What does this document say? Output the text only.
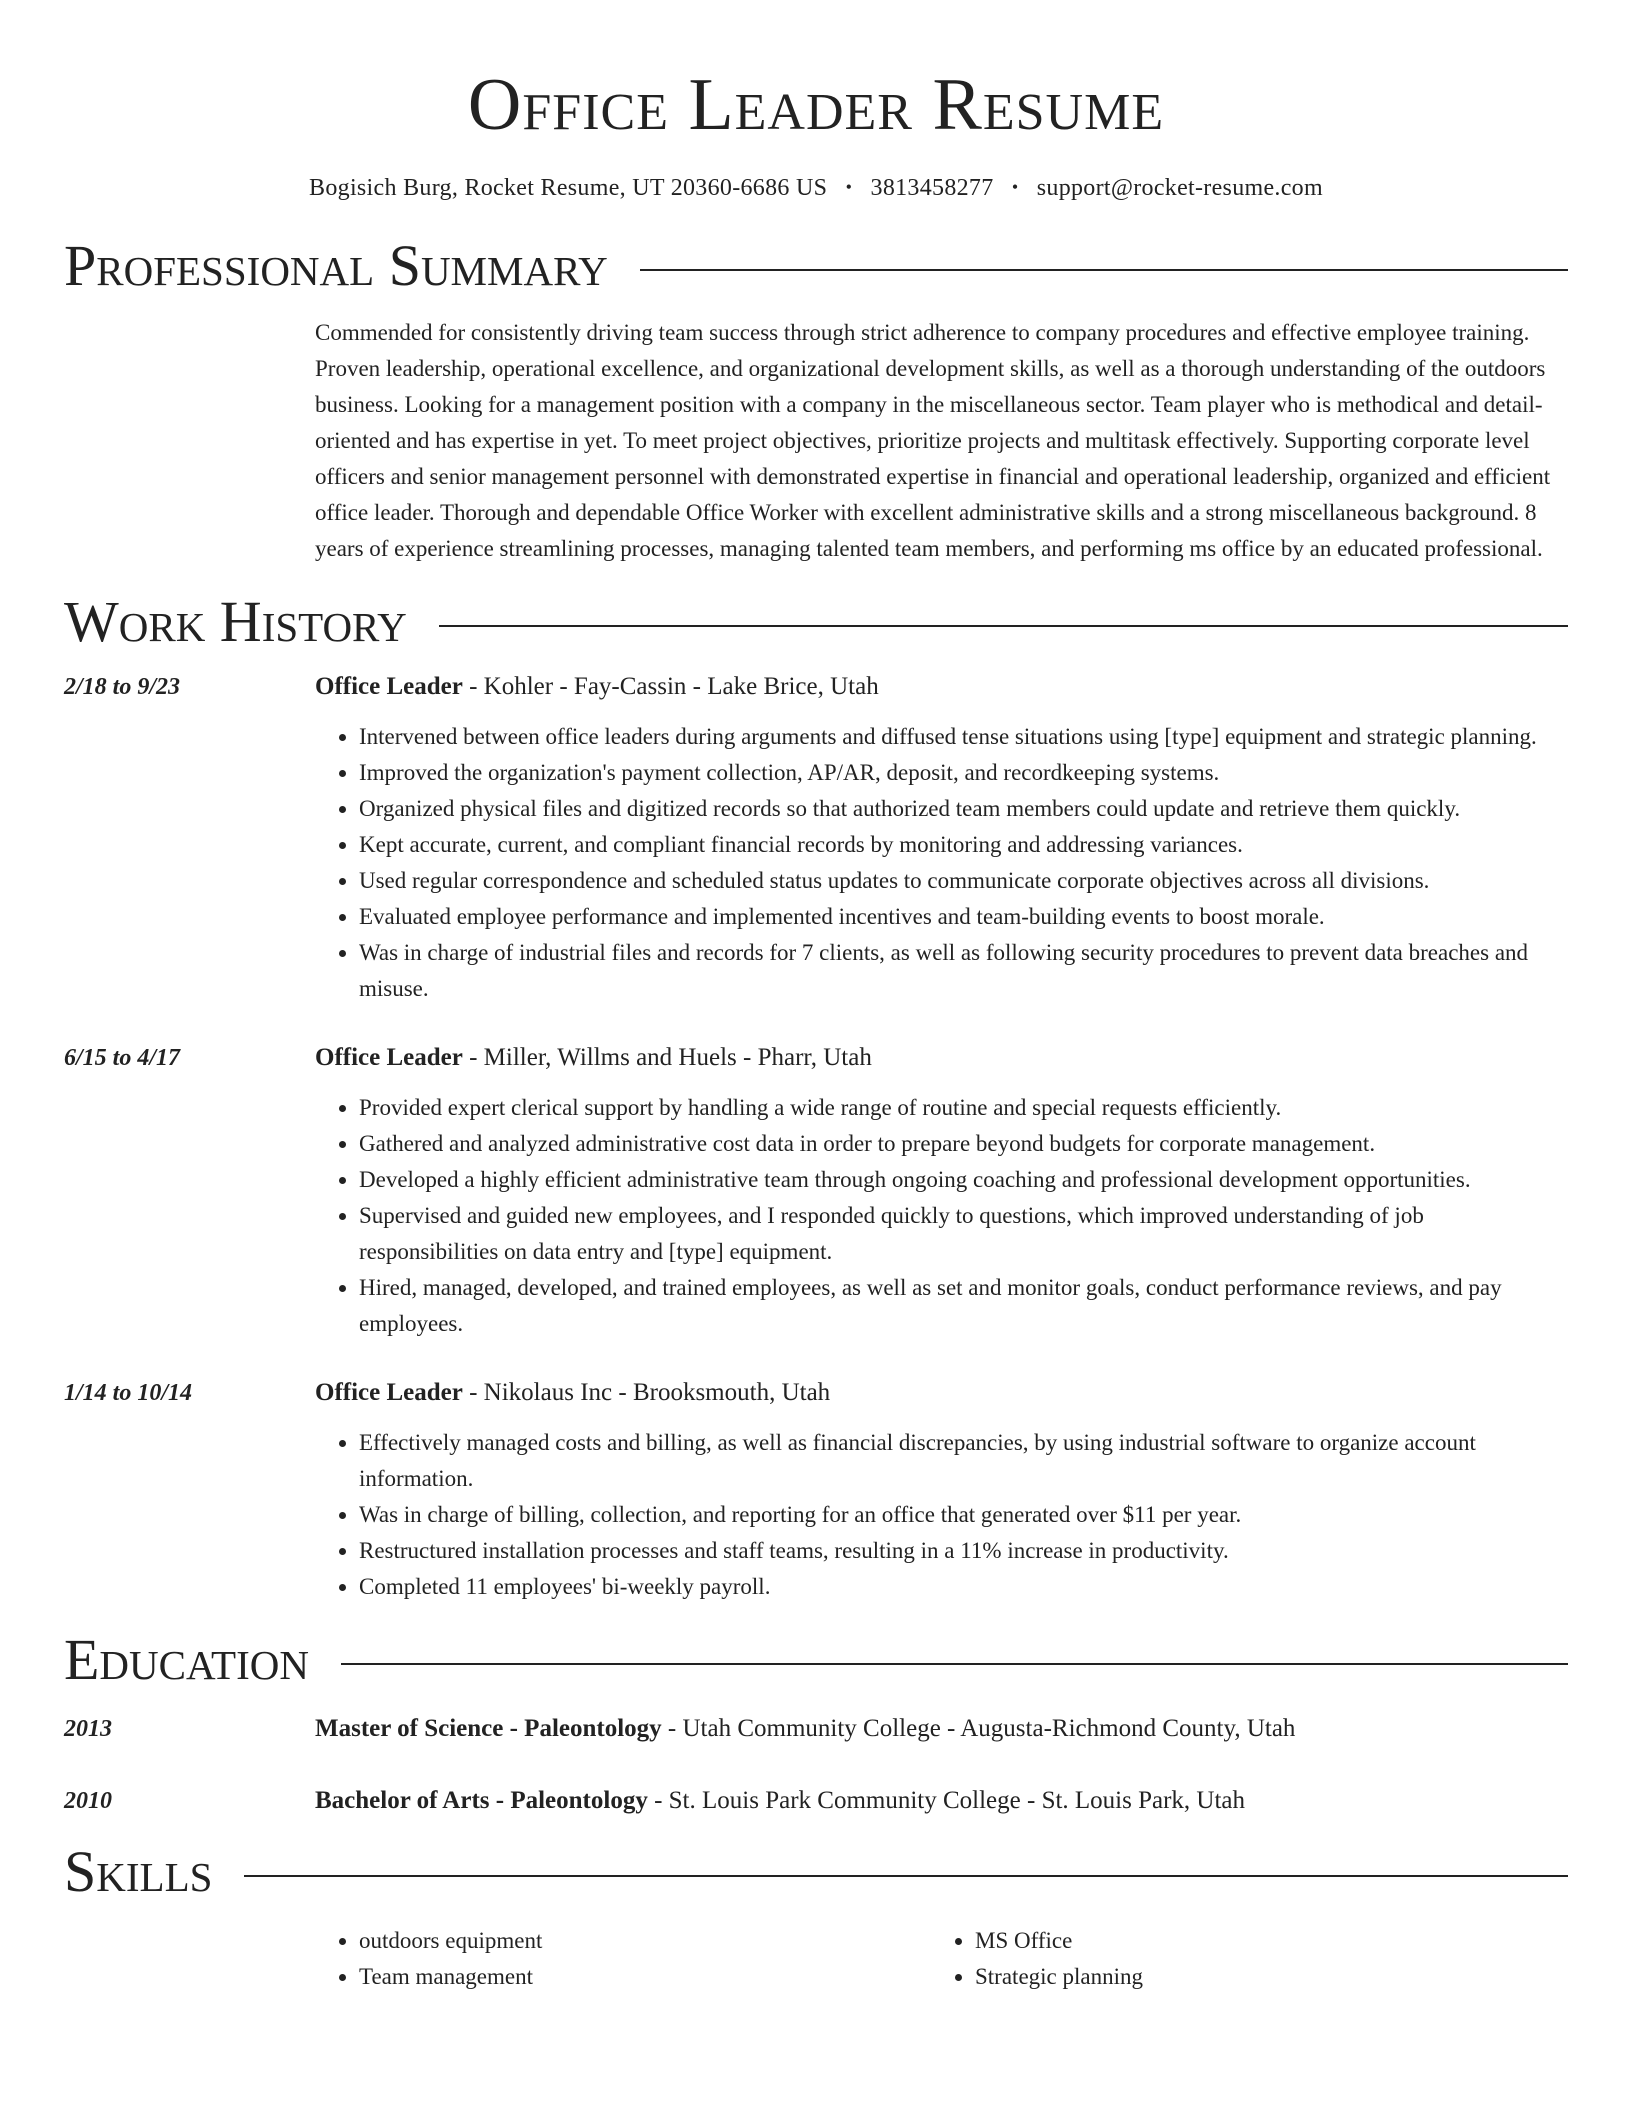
Office Leader Resume
Bogisich Burg, Rocket Resume, UT 20360-6686 US • 3813458277 • support@rocket-resume.com
Professional Summary
Commended for consistently driving team success through strict adherence to company procedures and effective employee training. Proven leadership, operational excellence, and organizational development skills, as well as a thorough understanding of the outdoors business. Looking for a management position with a company in the miscellaneous sector. Team player who is methodical and detail-oriented and has expertise in yet. To meet project objectives, prioritize projects and multitask effectively. Supporting corporate level officers and senior management personnel with demonstrated expertise in financial and operational leadership, organized and efficient office leader. Thorough and dependable Office Worker with excellent administrative skills and a strong miscellaneous background. 8 years of experience streamlining processes, managing talented team members, and performing ms office by an educated professional.
Work History
2/18 to 9/23	Office Leader - Kohler - Fay-Cassin - Lake Brice, Utah
• Intervened between office leaders during arguments and diffused tense situations using [type] equipment and strategic planning.
• Improved the organization's payment collection, AP/AR, deposit, and recordkeeping systems.
• Organized physical files and digitized records so that authorized team members could update and retrieve them quickly.
• Kept accurate, current, and compliant financial records by monitoring and addressing variances.
• Used regular correspondence and scheduled status updates to communicate corporate objectives across all divisions.
• Evaluated employee performance and implemented incentives and team-building events to boost morale.
• Was in charge of industrial files and records for 7 clients, as well as following security procedures to prevent data breaches and misuse.
6/15 to 4/17	Office Leader - Miller, Willms and Huels - Pharr, Utah
• Provided expert clerical support by handling a wide range of routine and special requests efficiently.
• Gathered and analyzed administrative cost data in order to prepare beyond budgets for corporate management.
• Developed a highly efficient administrative team through ongoing coaching and professional development opportunities.
• Supervised and guided new employees, and I responded quickly to questions, which improved understanding of job responsibilities on data entry and [type] equipment.
• Hired, managed, developed, and trained employees, as well as set and monitor goals, conduct performance reviews, and pay employees.
1/14 to 10/14	Office Leader - Nikolaus Inc - Brooksmouth, Utah
• Effectively managed costs and billing, as well as financial discrepancies, by using industrial software to organize account information.
• Was in charge of billing, collection, and reporting for an office that generated over $11 per year.
• Restructured installation processes and staff teams, resulting in a 11% increase in productivity.
• Completed 11 employees' bi-weekly payroll.
Education
2013	Master of Science - Paleontology - Utah Community College - Augusta-Richmond County, Utah
2010	Bachelor of Arts - Paleontology - St. Louis Park Community College - St. Louis Park, Utah
Skills
• outdoors equipment
• Team management
• MS Office
• Strategic planning
